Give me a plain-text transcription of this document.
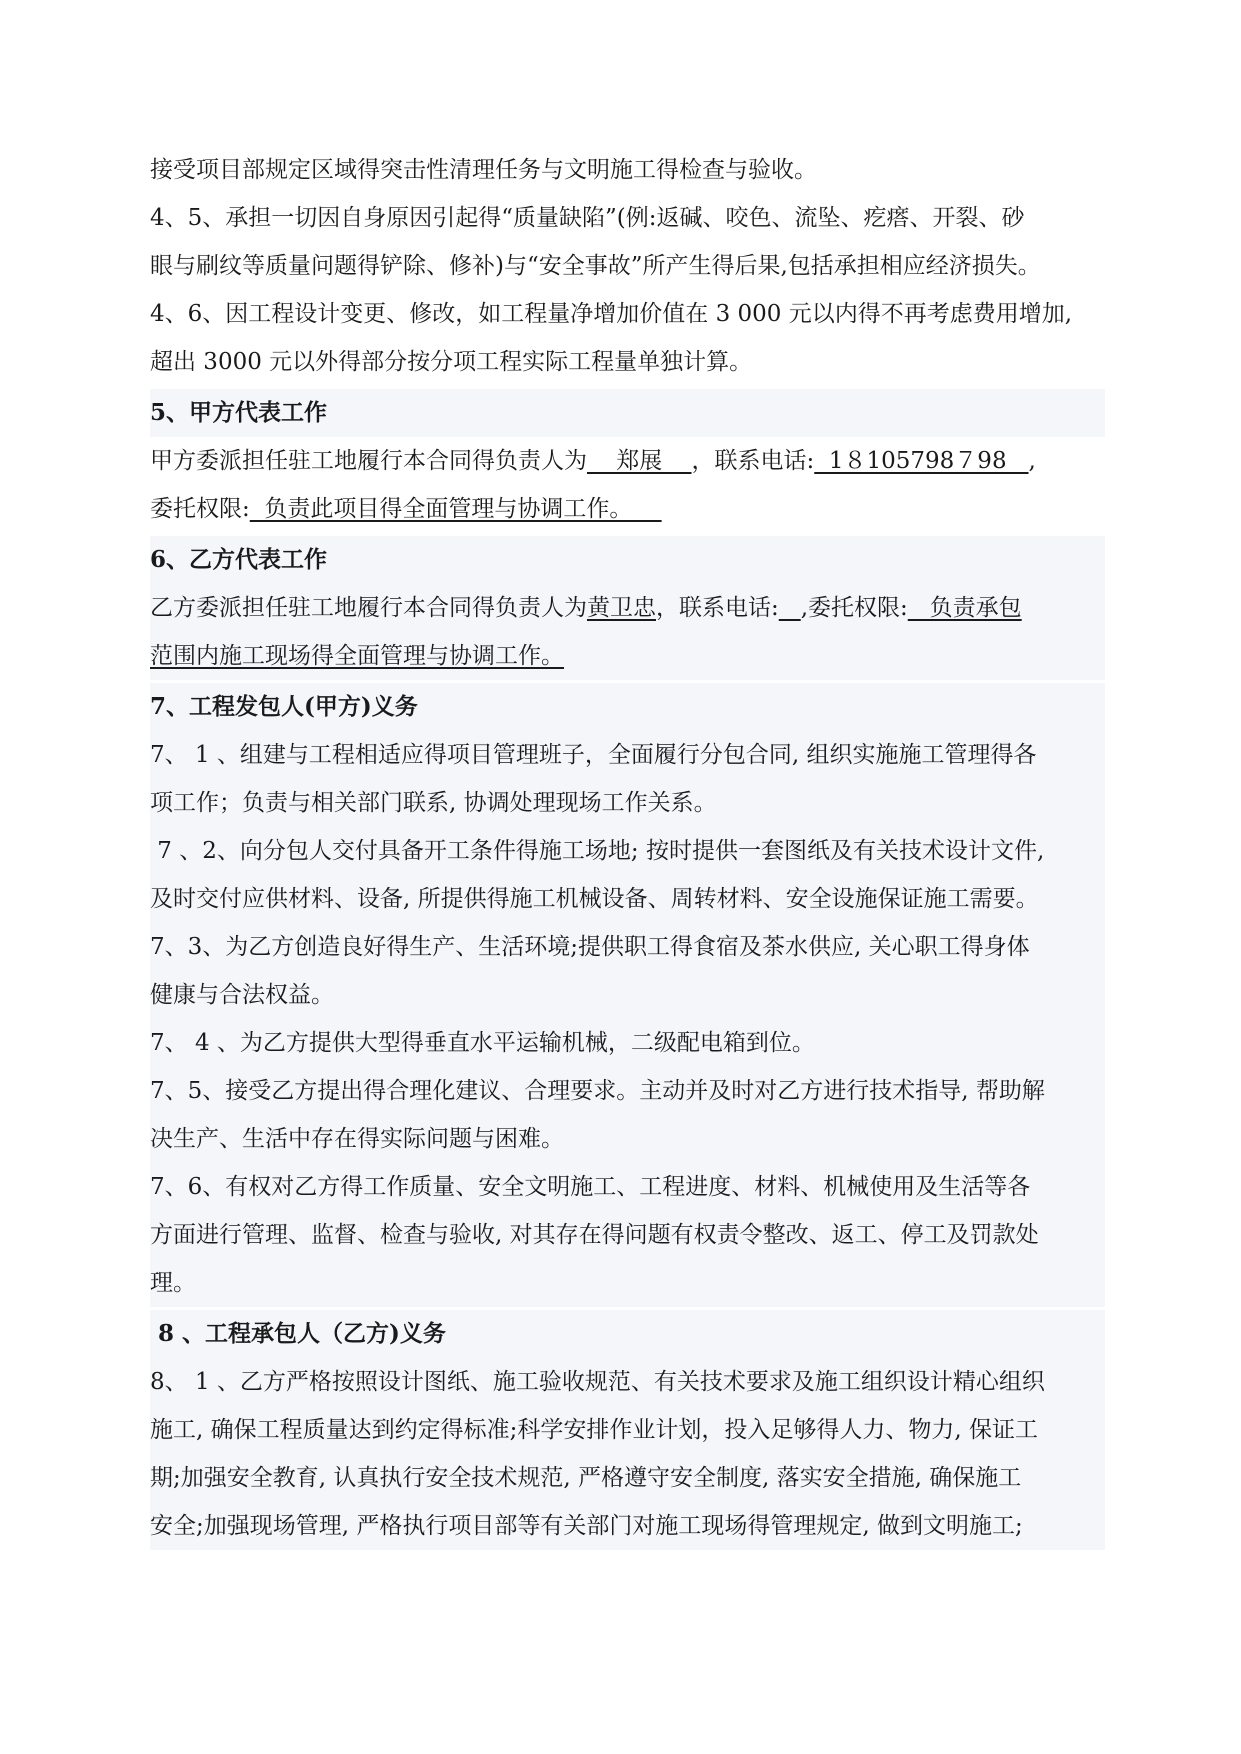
接受项目部规定区域得突击性清理任务与文明施工得检查与验收。
4、5、承担一切因自身原因引起得“质量缺陷”(例:返碱、咬色、流坠、疙瘩、开裂、砂
眼与刷纹等质量问题得铲除、修补)与“安全事故”所产生得后果,包括承担相应经济损失。
4、6、因工程设计变更、修改，如工程量净增加价值在 3 000 元以内得不再考虑费用增加,
超出 3000 元以外得部分按分项工程实际工程量单独计算。
5、甲方代表工作
甲方委派担任驻工地履行本合同得负责人为    郑展    ，联系电话:  1８105798７98   ,
委托权限:  负责此项目得全面管理与协调工作。
6、乙方代表工作
乙方委派担任驻工地履行本合同得负责人为黄卫忠，联系电话: ,委托权限:   负责承包
范围内施工现场得全面管理与协调工作。
7、工程发包人(甲方)义务
7、 1 、组建与工程相适应得项目管理班子，全面履行分包合同, 组织实施施工管理得各
项工作；负责与相关部门联系, 协调处理现场工作关系。
7 、2、向分包人交付具备开工条件得施工场地; 按时提供一套图纸及有关技术设计文件,
及时交付应供材料、设备, 所提供得施工机械设备、周转材料、安全设施保证施工需要。
7、3、为乙方创造良好得生产、生活环境;提供职工得食宿及茶水供应, 关心职工得身体
健康与合法权益。
7、 4 、为乙方提供大型得垂直水平运输机械，二级配电箱到位。
7、5、接受乙方提出得合理化建议、合理要求。主动并及时对乙方进行技术指导, 帮助解
决生产、生活中存在得实际问题与困难。
7、6、有权对乙方得工作质量、安全文明施工、工程进度、材料、机械使用及生活等各
方面进行管理、监督、检查与验收, 对其存在得问题有权责令整改、返工、停工及罚款处
理。
8 、工程承包人（乙方)义务
8、 1 、乙方严格按照设计图纸、施工验收规范、有关技术要求及施工组织设计精心组织
施工, 确保工程质量达到约定得标准;科学安排作业计划，投入足够得人力、物力, 保证工
期;加强安全教育, 认真执行安全技术规范, 严格遵守安全制度, 落实安全措施, 确保施工
安全;加强现场管理, 严格执行项目部等有关部门对施工现场得管理规定, 做到文明施工;
